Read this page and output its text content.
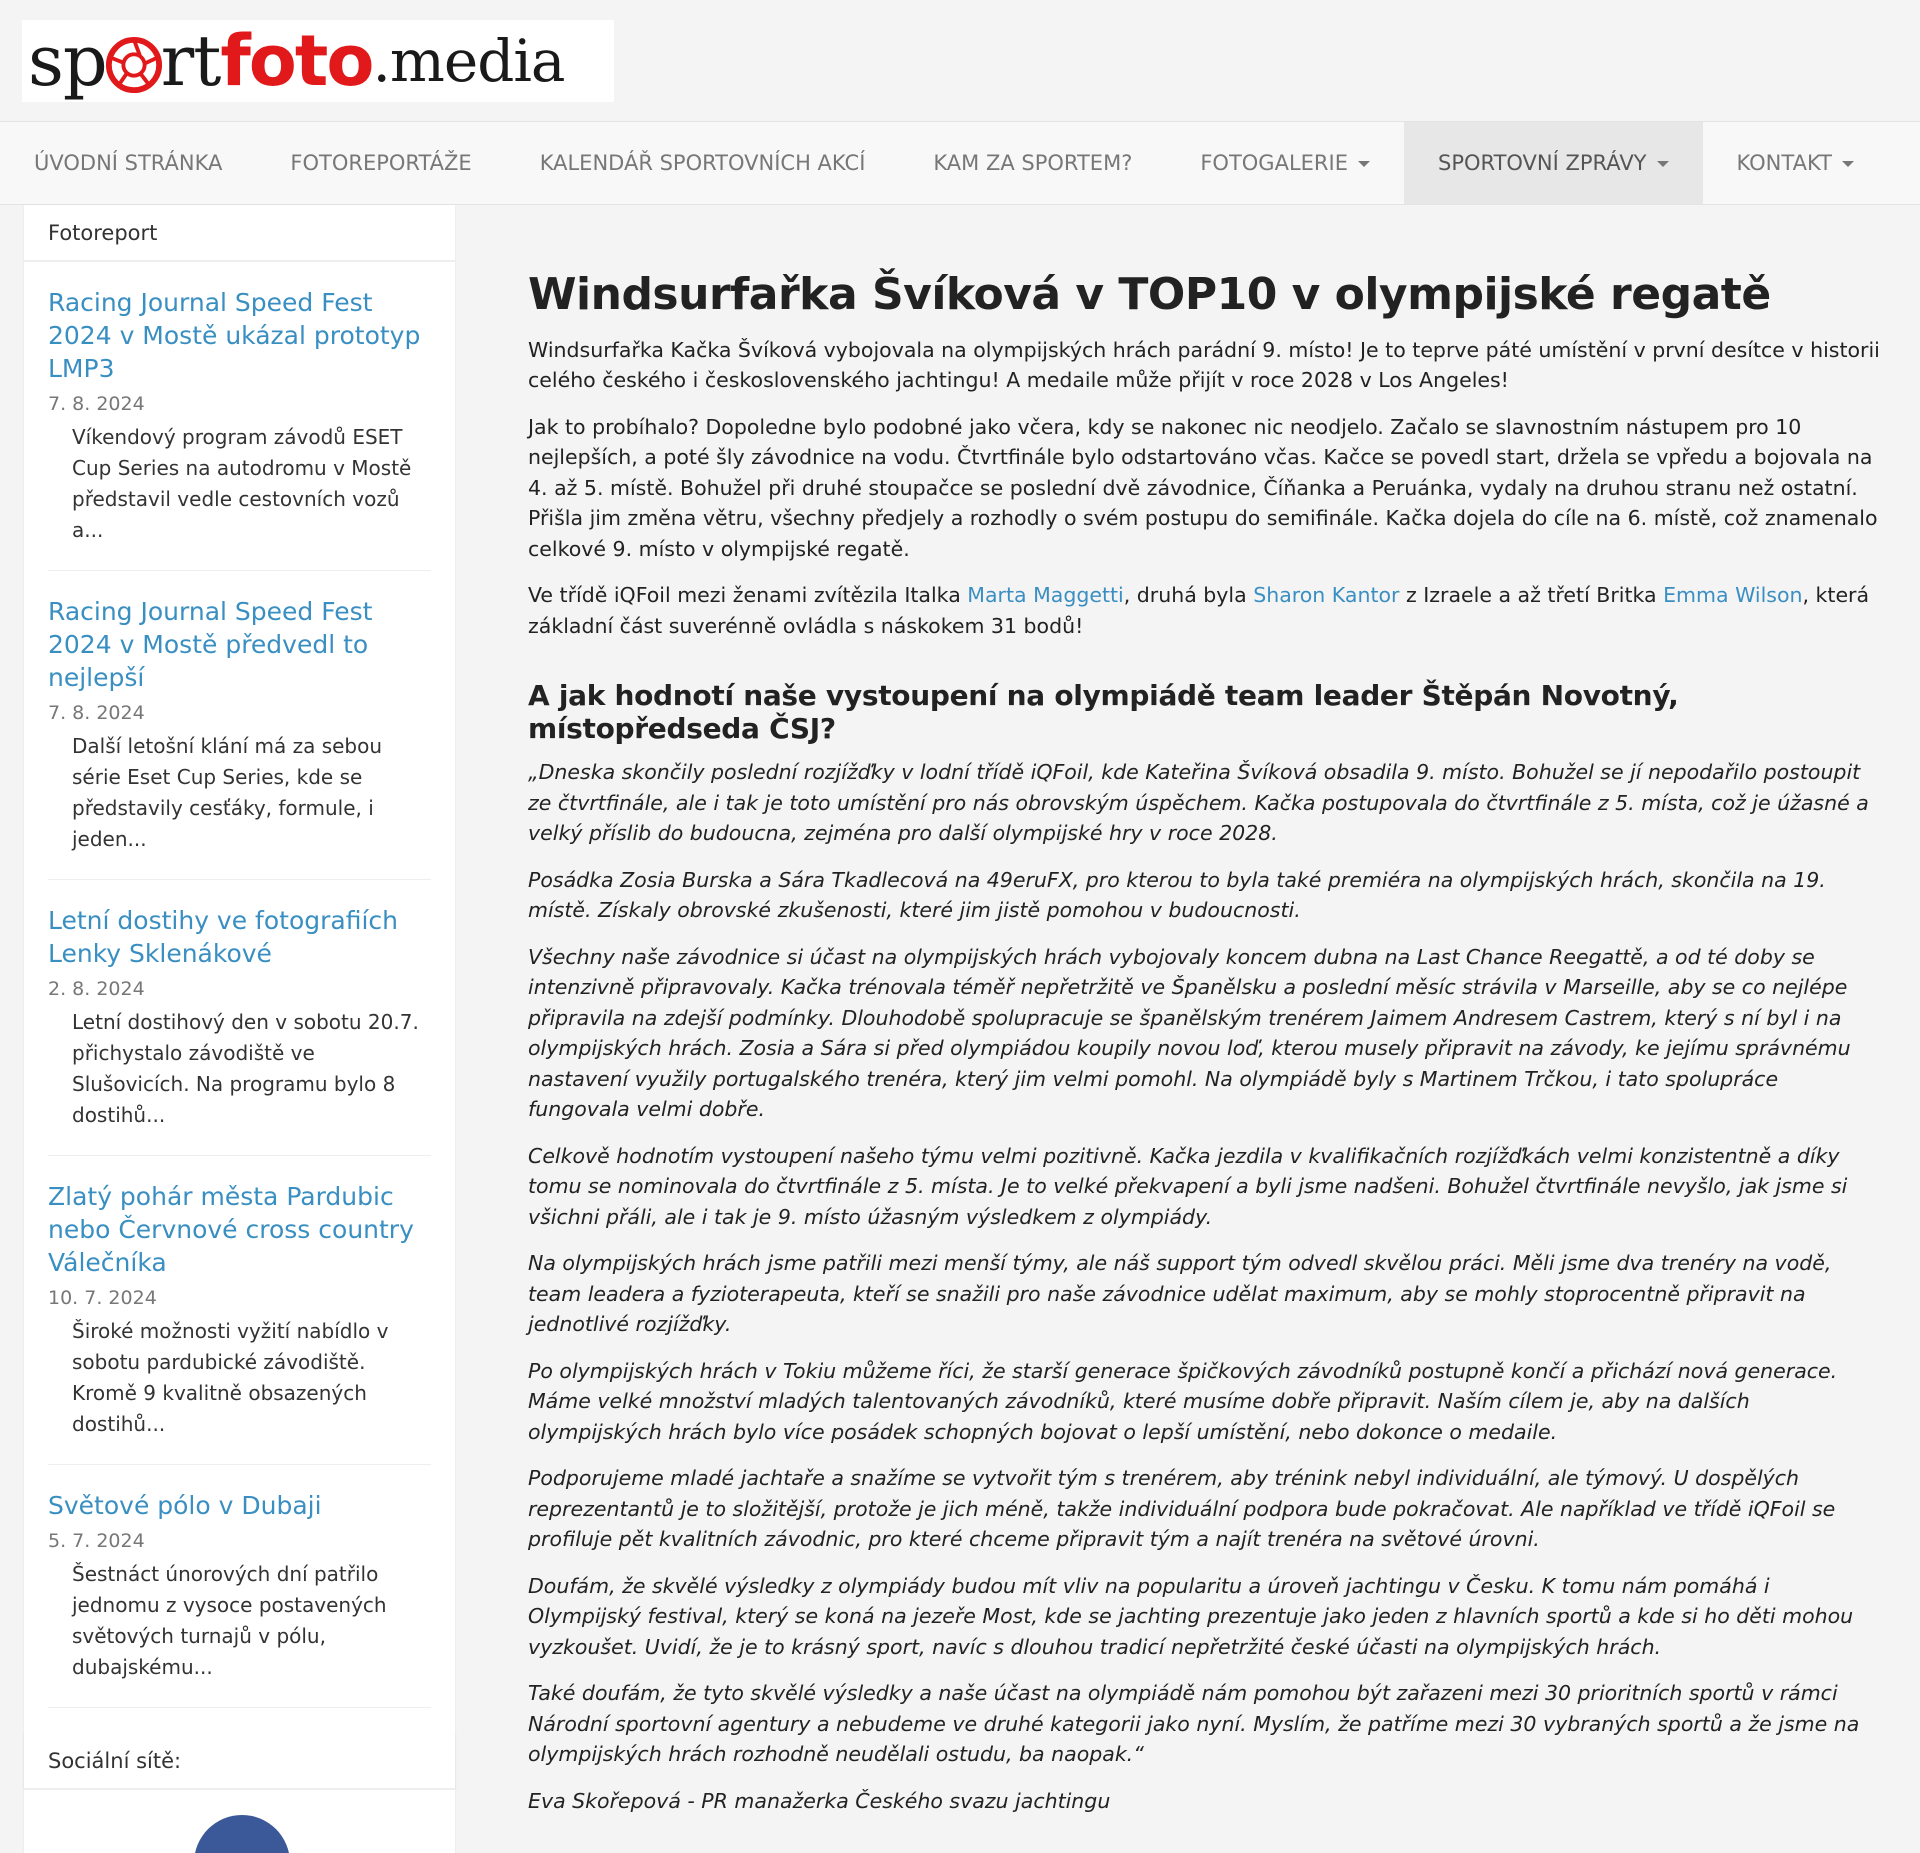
sp rt foto .media
ÚVODNÍ STRÁNKA	FOTOREPORTÁŽE	KALENDÁŘ SPORTOVNÍCH AKCÍ	KAM ZA SPORTEM?	FOTOGALERIE	SPORTOVNÍ ZPRÁVY	KONTAKT
Fotoreport
Racing Journal Speed Fest 2024 v Mostě ukázal prototyp LMP3
7. 8. 2024
Víkendový program závodů ESET Cup Series na autodromu v Mostě představil vedle cestovních vozů a...
Racing Journal Speed Fest 2024 v Mostě předvedl to nejlepší
7. 8. 2024
Další letošní klání má za sebou série Eset Cup Series, kde se představily cesťáky, formule, i jeden...
Letní dostihy ve fotografiích Lenky Sklenákové
2. 8. 2024
Letní dostihový den v sobotu 20.7. přichystalo závodiště ve Slušovicích. Na programu bylo 8 dostihů...
Zlatý pohár města Pardubic nebo Červnové cross country Válečníka
10. 7. 2024
Široké možnosti vyžití nabídlo v sobotu pardubické závodiště. Kromě 9 kvalitně obsazených dostihů...
Světové pólo v Dubaji
5. 7. 2024
Šestnáct únorových dní patřilo jednomu z vysoce postavených světových turnajů v pólu, dubajskému...
Sociální sítě:
Windsurfařka Švíková v TOP10 v olympijské regatě

Windsurfařka Kačka Švíková vybojovala na olympijských hrách parádní 9. místo! Je to teprve páté umístění v první desítce v historii celého českého i československého jachtingu! A medaile může přijít v roce 2028 v Los Angeles!

Jak to probíhalo? Dopoledne bylo podobné jako včera, kdy se nakonec nic neodjelo. Začalo se slavnostním nástupem pro 10 nejlepších, a poté šly závodnice na vodu. Čtvrtfinále bylo odstartováno včas. Kačce se povedl start, držela se vpředu a bojovala na 4. až 5. místě. Bohužel při druhé stoupačce se poslední dvě závodnice, Číňanka a Peruánka, vydaly na druhou stranu než ostatní. Přišla jim změna větru, všechny předjely a rozhodly o svém postupu do semifinále. Kačka dojela do cíle na 6. místě, což znamenalo celkové 9. místo v olympijské regatě.

Ve třídě iQFoil mezi ženami zvítězila Italka Marta Maggetti, druhá byla Sharon Kantor z Izraele a až třetí Britka Emma Wilson, která základní část suverénně ovládla s náskokem 31 bodů!

A jak hodnotí naše vystoupení na olympiádě team leader Štěpán Novotný, místopředseda ČSJ?

„Dneska skončily poslední rozjížďky v lodní třídě iQFoil, kde Kateřina Švíková obsadila 9. místo. Bohužel se jí nepodařilo postoupit ze čtvrtfinále, ale i tak je toto umístění pro nás obrovským úspěchem. Kačka postupovala do čtvrtfinále z 5. místa, což je úžasné a velký příslib do budoucna, zejména pro další olympijské hry v roce 2028.

Posádka Zosia Burska a Sára Tkadlecová na 49eruFX, pro kterou to byla také premiéra na olympijských hrách, skončila na 19. místě. Získaly obrovské zkušenosti, které jim jistě pomohou v budoucnosti.

Všechny naše závodnice si účast na olympijských hrách vybojovaly koncem dubna na Last Chance Reegattě, a od té doby se intenzivně připravovaly. Kačka trénovala téměř nepřetržitě ve Španělsku a poslední měsíc strávila v Marseille, aby se co nejlépe připravila na zdejší podmínky. Dlouhodobě spolupracuje se španělským trenérem Jaimem Andresem Castrem, který s ní byl i na olympijských hrách. Zosia a Sára si před olympiádou koupily novou loď, kterou musely připravit na závody, ke jejímu správnému nastavení využily portugalského trenéra, který jim velmi pomohl. Na olympiádě byly s Martinem Trčkou, i tato spolupráce fungovala velmi dobře.

Celkově hodnotím vystoupení našeho týmu velmi pozitivně. Kačka jezdila v kvalifikačních rozjížďkách velmi konzistentně a díky tomu se nominovala do čtvrtfinále z 5. místa. Je to velké překvapení a byli jsme nadšeni. Bohužel čtvrtfinále nevyšlo, jak jsme si všichni přáli, ale i tak je 9. místo úžasným výsledkem z olympiády.

Na olympijských hrách jsme patřili mezi menší týmy, ale náš support tým odvedl skvělou práci. Měli jsme dva trenéry na vodě, team leadera a fyzioterapeuta, kteří se snažili pro naše závodnice udělat maximum, aby se mohly stoprocentně připravit na jednotlivé rozjížďky.

Po olympijských hrách v Tokiu můžeme říci, že starší generace špičkových závodníků postupně končí a přichází nová generace. Máme velké množství mladých talentovaných závodníků, které musíme dobře připravit. Naším cílem je, aby na dalších olympijských hrách bylo více posádek schopných bojovat o lepší umístění, nebo dokonce o medaile.

Podporujeme mladé jachtaře a snažíme se vytvořit tým s trenérem, aby trénink nebyl individuální, ale týmový. U dospělých reprezentantů je to složitější, protože je jich méně, takže individuální podpora bude pokračovat. Ale například ve třídě iQFoil se profiluje pět kvalitních závodnic, pro které chceme připravit tým a najít trenéra na světové úrovni.

Doufám, že skvělé výsledky z olympiády budou mít vliv na popularitu a úroveň jachtingu v Česku. K tomu nám pomáhá i Olympijský festival, který se koná na jezeře Most, kde se jachting prezentuje jako jeden z hlavních sportů a kde si ho děti mohou vyzkoušet. Uvidí, že je to krásný sport, navíc s dlouhou tradicí nepřetržité české účasti na olympijských hrách.

Také doufám, že tyto skvělé výsledky a naše účast na olympiádě nám pomohou být zařazeni mezi 30 prioritních sportů v rámci Národní sportovní agentury a nebudeme ve druhé kategorii jako nyní. Myslím, že patříme mezi 30 vybraných sportů a že jsme na olympijských hrách rozhodně neudělali ostudu, ba naopak.“

Eva Skořepová - PR manažerka Českého svazu jachtingu
